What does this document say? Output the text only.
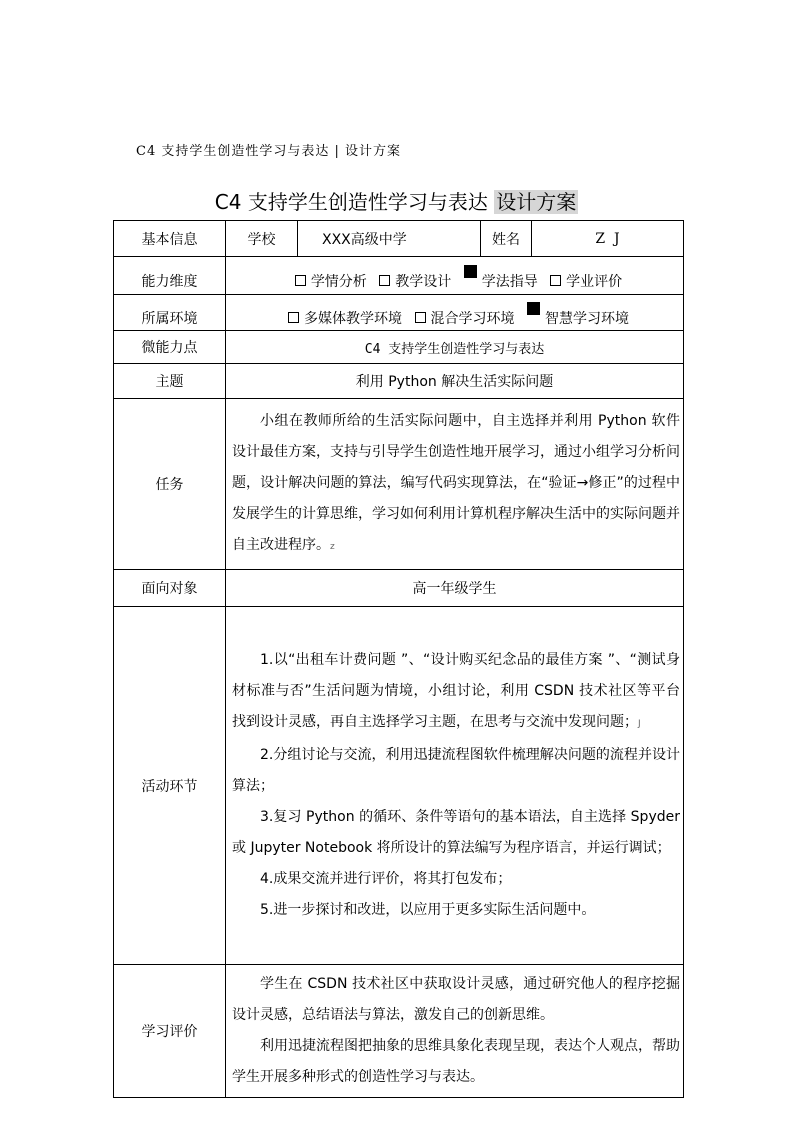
C4 支持学生创造性学习与表达 | 设计方案
C4 支持学生创造性学习与表达 设计方案
基本信息	学校 XXX高级中学 姓名 Z  J

能力维度	学情分析 教学设计 学法指导 学业评价
所属环境	多媒体教学环境 混合学习环境 智慧学习环境
微能力点	C4 支持学生创造性学习与表达
主题	利用 Python 解决生活实际问题
任务	小组在教师所给的生活实际问题中，自主选择并利用 Python 软件设计最佳方案，支持与引导学生创造性地开展学习，通过小组学习分析问题，设计解决问题的算法，编写代码实现算法，在“验证→修正”的过程中发展学生的计算思维，学习如何利用计算机程序解决生活中的实际问题并自主改进程序。z

面向对象	高一年级学生
活动环节	1.以“出租车计费问题 ”、“设计购买纪念品的最佳方案 ”、“测试身材标准与否”生活问题为情境，小组讨论，利用 CSDN 技术社区等平台找到设计灵感，再自主选择学习主题，在思考与交流中发现问题；J

2.分组讨论与交流，利用迅捷流程图软件梳理解决问题的流程并设计算法；

3.复习 Python 的循环、条件等语句的基本语法，自主选择 Spyder 或 Jupyter Notebook 将所设计的算法编写为程序语言，并运行调试；

4.成果交流并进行评价，将其打包发布；

5.进一步探讨和改进，以应用于更多实际生活问题中。

学习评价	学生在 CSDN 技术社区中获取设计灵感，通过研究他人的程序挖掘设计灵感，总结语法与算法，激发自己的创新思维。

利用迅捷流程图把抽象的思维具象化表现呈现，表达个人观点，帮助学生开展多种形式的创造性学习与表达。
